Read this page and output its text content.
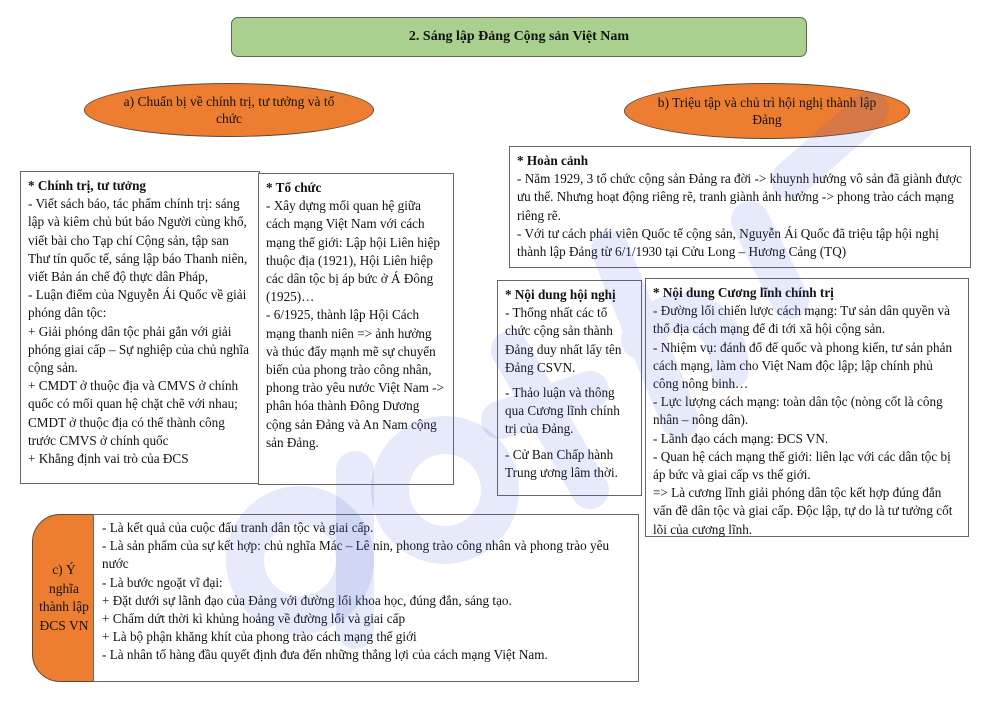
2. Sáng lập Đảng Cộng sản Việt Nam
a) Chuẩn bị về chính trị, tư tưởng và tổ chức
b) Triệu tập và chủ trì hội nghị thành lập Đảng

* Chính trị, tư tưởng

- Viết sách báo, tác phẩm chính trị: sáng lập và kiêm chủ bút báo Người cùng khổ, viết bài cho Tạp chí Cộng sản, tập san Thư tín quốc tế, sáng lập báo Thanh niên, viết Bản án chế độ thực dân Pháp,

- Luận điểm của Nguyễn Ái Quốc về giải phóng dân tộc:

+ Giải phóng dân tộc phải gắn với giải phóng giai cấp – Sự nghiệp của chủ nghĩa cộng sản.

+ CMDT ở thuộc địa và CMVS ở chính quốc có mối quan hệ chặt chẽ với nhau; CMDT ở thuộc địa có thể thành công trước CMVS ở chính quốc

+ Khẳng định vai trò của ĐCS

* Tổ chức

- Xây dựng mối quan hệ giữa cách mạng Việt Nam với cách mạng thế giới: Lập hội Liên hiệp thuộc địa (1921), Hội Liên hiệp các dân tộc bị áp bức ở Á Đông (1925)…

- 6/1925, thành lập Hội Cách mạng thanh niên => ảnh hưởng và thúc đẩy mạnh mẽ sự chuyển biến của phong trào công nhân, phong trào yêu nước Việt Nam -> phân hóa thành Đông Dương cộng sản Đảng và An Nam cộng sản Đảng.

* Hoàn cảnh

- Năm 1929, 3 tổ chức cộng sản Đảng ra đời -> khuynh hướng vô sản đã giành được ưu thế. Nhưng hoạt động riêng rẽ, tranh giành ảnh hưởng -> phong trào cách mạng riêng rẽ.

- Với tư cách phái viên Quốc tế cộng sản, Nguyễn Ái Quốc đã triệu tập hội nghị thành lập Đảng từ 6/1/1930 tại Cửu Long – Hương Cảng (TQ)

* Nội dung hội nghị

- Thống nhất các tổ chức cộng sản thành Đảng duy nhất lấy tên Đảng CSVN.

- Thảo luận và thông qua Cương lĩnh chính trị của Đảng.

- Cử Ban Chấp hành Trung ương lâm thời.

* Nội dung Cương lĩnh chính trị

- Đường lối chiến lược cách mạng: Tư sản dân quyền và thổ địa cách mạng để đi tới xã hội cộng sản.

- Nhiệm vụ: đánh đổ đế quốc và phong kiến, tư sản phản cách mạng, làm cho Việt Nam độc lập; lập chính phủ công nông binh…

- Lực lượng cách mạng: toàn dân tộc (nòng cốt là công nhân – nông dân).

- Lãnh đạo cách mạng: ĐCS VN.

- Quan hệ cách mạng thế giới: liên lạc với các dân tộc bị áp bức và giai cấp vs thế giới.

=> Là cương lĩnh giải phóng dân tộc kết hợp đúng đắn vấn đề dân tộc và giai cấp. Độc lập, tự do là tư tưởng cốt lõi của cương lĩnh.

c) Ý nghĩa thành lập ĐCS VN

- Là kết quả của cuộc đấu tranh dân tộc và giai cấp.

- Là sản phẩm của sự kết hợp: chủ nghĩa Mác – Lê nin, phong trào công nhân và phong trào yêu nước

- Là bước ngoặt vĩ đại:

+ Đặt dưới sự lãnh đạo của Đảng với đường lối khoa học, đúng đắn, sáng tạo.

+ Chấm dứt thời kì khủng hoảng về đường lối và giai cấp

+ Là bộ phận khăng khít của phong trào cách mạng thế giới

- Là nhân tố hàng đầu quyết định đưa đến những thắng lợi của cách mạng Việt Nam.
